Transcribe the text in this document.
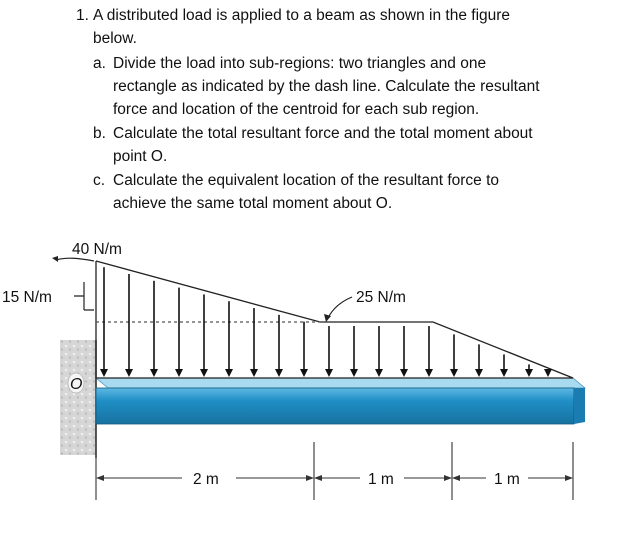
1. A distributed load is applied to a beam as shown in the figure
below.
a. Divide the load into sub-regions: two triangles and one
rectangle as indicated by the dash line. Calculate the resultant
force and location of the centroid for each sub region.
b. Calculate the total resultant force and the total moment about
point O.
c. Calculate the equivalent location of the resultant force to
achieve the same total moment about O.
40 N/m
15 N/m	25 N/m
O
2 m	1 m	1 m
